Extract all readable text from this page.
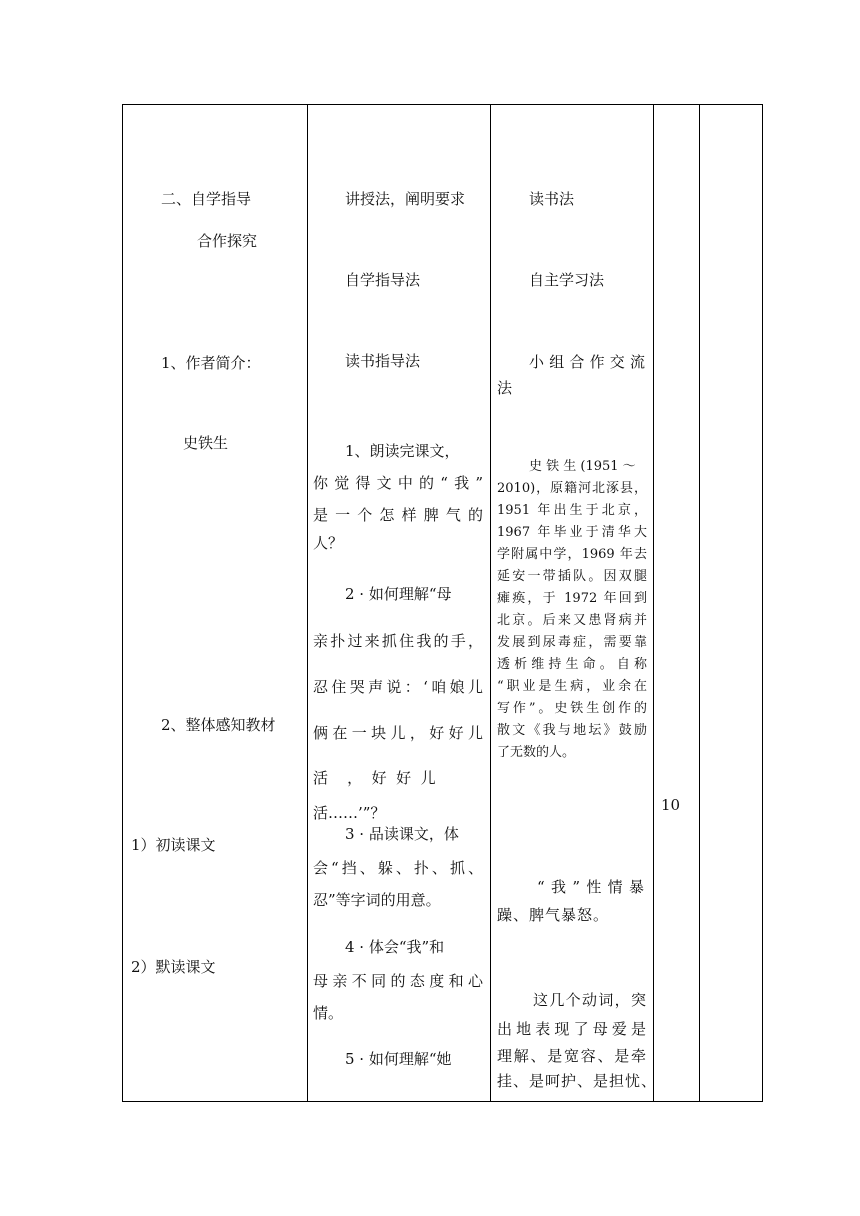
二、自学指导
合作探究
1、作者简介：
史铁生
2、整体感知教材
1）初读课文
2）默读课文
讲授法，阐明要求
自学指导法
读书指导法
1、朗读完课文，
你觉得文中的“我”
是一个怎样脾气的
人？
2 · 如何理解“母
亲扑过来抓住我的手，
忍住哭声说：‘咱娘儿
俩在一块儿，好好儿
活    ，  好  好  儿
活……’”？
3 · 品读课文，体
会“挡、躲、扑、抓、
忍”等字词的用意。
4 · 体会“我”和
母亲不同的态度和心
情。
5 · 如何理解“她
读书法
自主学习法
小组合作交流
法
史 铁 生 (1951 ～
2010)，原籍河北涿县，
1951 年出生于北京，
1967 年毕业于清华大
学附属中学，1969 年去
延安一带插队。因双腿
瘫痪，于 1972 年回到
北京。后来又患肾病并
发展到尿毒症，需要靠
透析维持生命。自称
“职业是生病，业余在
写作”。史铁生创作的
散文《我与地坛》鼓励
了无数的人。
“我”性情暴
躁、脾气暴怒。
这几个动词，突
出地表现了母爱是
理解、是宽容、是牵
挂、是呵护、是担忧、
10
